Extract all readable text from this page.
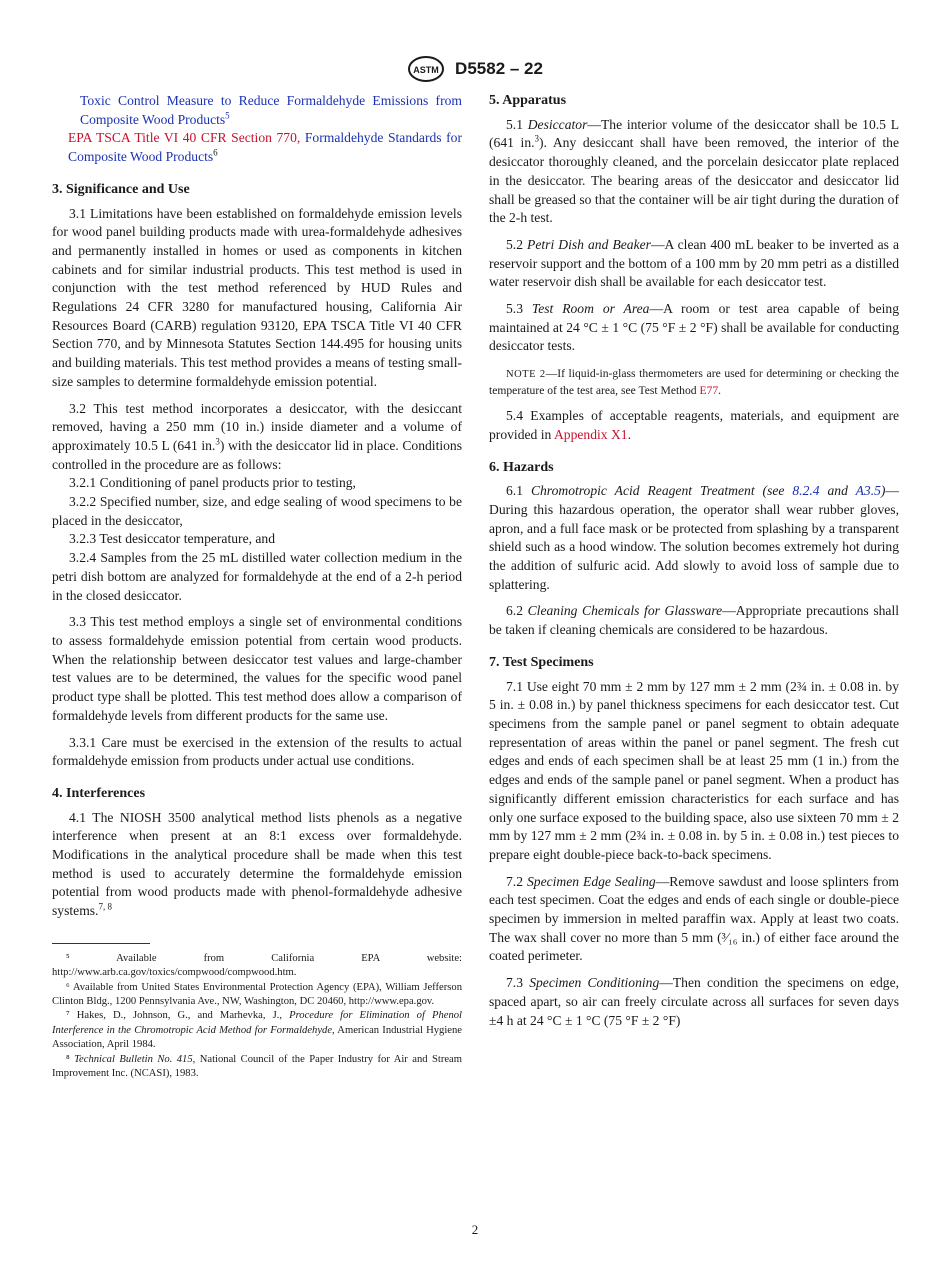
ASTM D5582 – 22

Toxic Control Measure to Reduce Formaldehyde Emissions from Composite Wood Products$^5$

EPA TSCA Title VI 40 CFR Section 770, Formaldehyde Standards for Composite Wood Products$^6$

3. Significance and Use

3.1 Limitations have been established on formaldehyde emission levels for wood panel building products made with urea-formaldehyde adhesives and permanently installed in homes or used as components in kitchen cabinets and for similar industrial products. This test method is used in conjunction with the test method referenced by HUD Rules and Regulations 24 CFR 3280 for manufactured housing, California Air Resources Board (CARB) regulation 93120, EPA TSCA Title VI 40 CFR Section 770, and by Minnesota Statutes Section 144.495 for housing units and building materials. This test method provides a means of testing small-size samples to determine formaldehyde emission potential.

3.2 This test method incorporates a desiccator, with the desiccant removed, having a 250 mm (10 in.) inside diameter and a volume of approximately 10.5 L (641 in.$^3$) with the desiccator lid in place. Conditions controlled in the procedure are as follows:

3.2.1 Conditioning of panel products prior to testing,

3.2.2 Specified number, size, and edge sealing of wood specimens to be placed in the desiccator,

3.2.3 Test desiccator temperature, and

3.2.4 Samples from the 25 mL distilled water collection medium in the petri dish bottom are analyzed for formaldehyde at the end of a 2-h period in the closed desiccator.

3.3 This test method employs a single set of environmental conditions to assess formaldehyde emission potential from certain wood products. When the relationship between desiccator test values and large-chamber test values are to be determined, the values for the specific wood panel product type shall be plotted. This test method does allow a comparison of formaldehyde levels from different products for the same use.

3.3.1 Care must be exercised in the extension of the results to actual formaldehyde emission from products under actual use conditions.

4. Interferences

4.1 The NIOSH 3500 analytical method lists phenols as a negative interference when present at an 8:1 excess over formaldehyde. Modifications in the analytical procedure shall be made when this test method is used to accurately determine the formaldehyde emission potential from wood products made with phenol-formaldehyde adhesive systems.$^{7, 8}$

⁵ Available from California EPA website: http://www.arb.ca.gov/toxics/compwood/compwood.htm.

⁶ Available from United States Environmental Protection Agency (EPA), William Jefferson Clinton Bldg., 1200 Pennsylvania Ave., NW, Washington, DC 20460, http://www.epa.gov.

⁷ Hakes, D., Johnson, G., and Marhevka, J., Procedure for Elimination of Phenol Interference in the Chromotropic Acid Method for Formaldehyde, American Industrial Hygiene Association, April 1984.

⁸ Technical Bulletin No. 415, National Council of the Paper Industry for Air and Stream Improvement Inc. (NCASI), 1983.

5. Apparatus

5.1 Desiccator—The interior volume of the desiccator shall be 10.5 L (641 in.$^3$). Any desiccant shall have been removed, the interior of the desiccator thoroughly cleaned, and the porcelain desiccator plate replaced in the desiccator. The bearing areas of the desiccator and desiccator lid shall be greased so that the container will be air tight during the duration of the 2-h test.

5.2 Petri Dish and Beaker—A clean 400 mL beaker to be inverted as a reservoir support and the bottom of a 100 mm by 20 mm petri as a distilled water reservoir dish shall be available for each desiccator test.

5.3 Test Room or Area—A room or test area capable of being maintained at 24 °C ± 1 °C (75 °F ± 2 °F) shall be available for conducting desiccator tests.

NOTE 2—If liquid-in-glass thermometers are used for determining or checking the temperature of the test area, see Test Method E77.

5.4 Examples of acceptable reagents, materials, and equipment are provided in Appendix X1.

6. Hazards

6.1 Chromotropic Acid Reagent Treatment (see 8.2.4 and A3.5)—During this hazardous operation, the operator shall wear rubber gloves, apron, and a full face mask or be protected from splashing by a transparent shield such as a hood window. The solution becomes extremely hot during the addition of sulfuric acid. Add slowly to avoid loss of sample due to splattering.

6.2 Cleaning Chemicals for Glassware—Appropriate precautions shall be taken if cleaning chemicals are considered to be hazardous.

7. Test Specimens

7.1 Use eight 70 mm ± 2 mm by 127 mm ± 2 mm (2¾ in. ± 0.08 in. by 5 in. ± 0.08 in.) by panel thickness specimens for each desiccator test. Cut specimens from the sample panel or panel segment to obtain adequate representation of areas within the panel or panel segment. The fresh cut edges and ends of each specimen shall be at least 25 mm (1 in.) from the edges and ends of the sample panel or panel segment. When a product has significantly different emission characteristics for each surface and has only one surface exposed to the building space, also use sixteen 70 mm ± 2 mm by 127 mm ± 2 mm (2¾ in. ± 0.08 in. by 5 in. ± 0.08 in.) test pieces to prepare eight double-piece back-to-back specimens.

7.2 Specimen Edge Sealing—Remove sawdust and loose splinters from each test specimen. Coat the edges and ends of each single or double-piece specimen by immersion in melted paraffin wax. Apply at least two coats. The wax shall cover no more than 5 mm (³⁄₁₆ in.) of either face around the coated perimeter.

7.3 Specimen Conditioning—Then condition the specimens on edge, spaced apart, so air can freely circulate across all surfaces for seven days ±4 h at 24 °C ± 1 °C (75 °F ± 2 °F)

2
